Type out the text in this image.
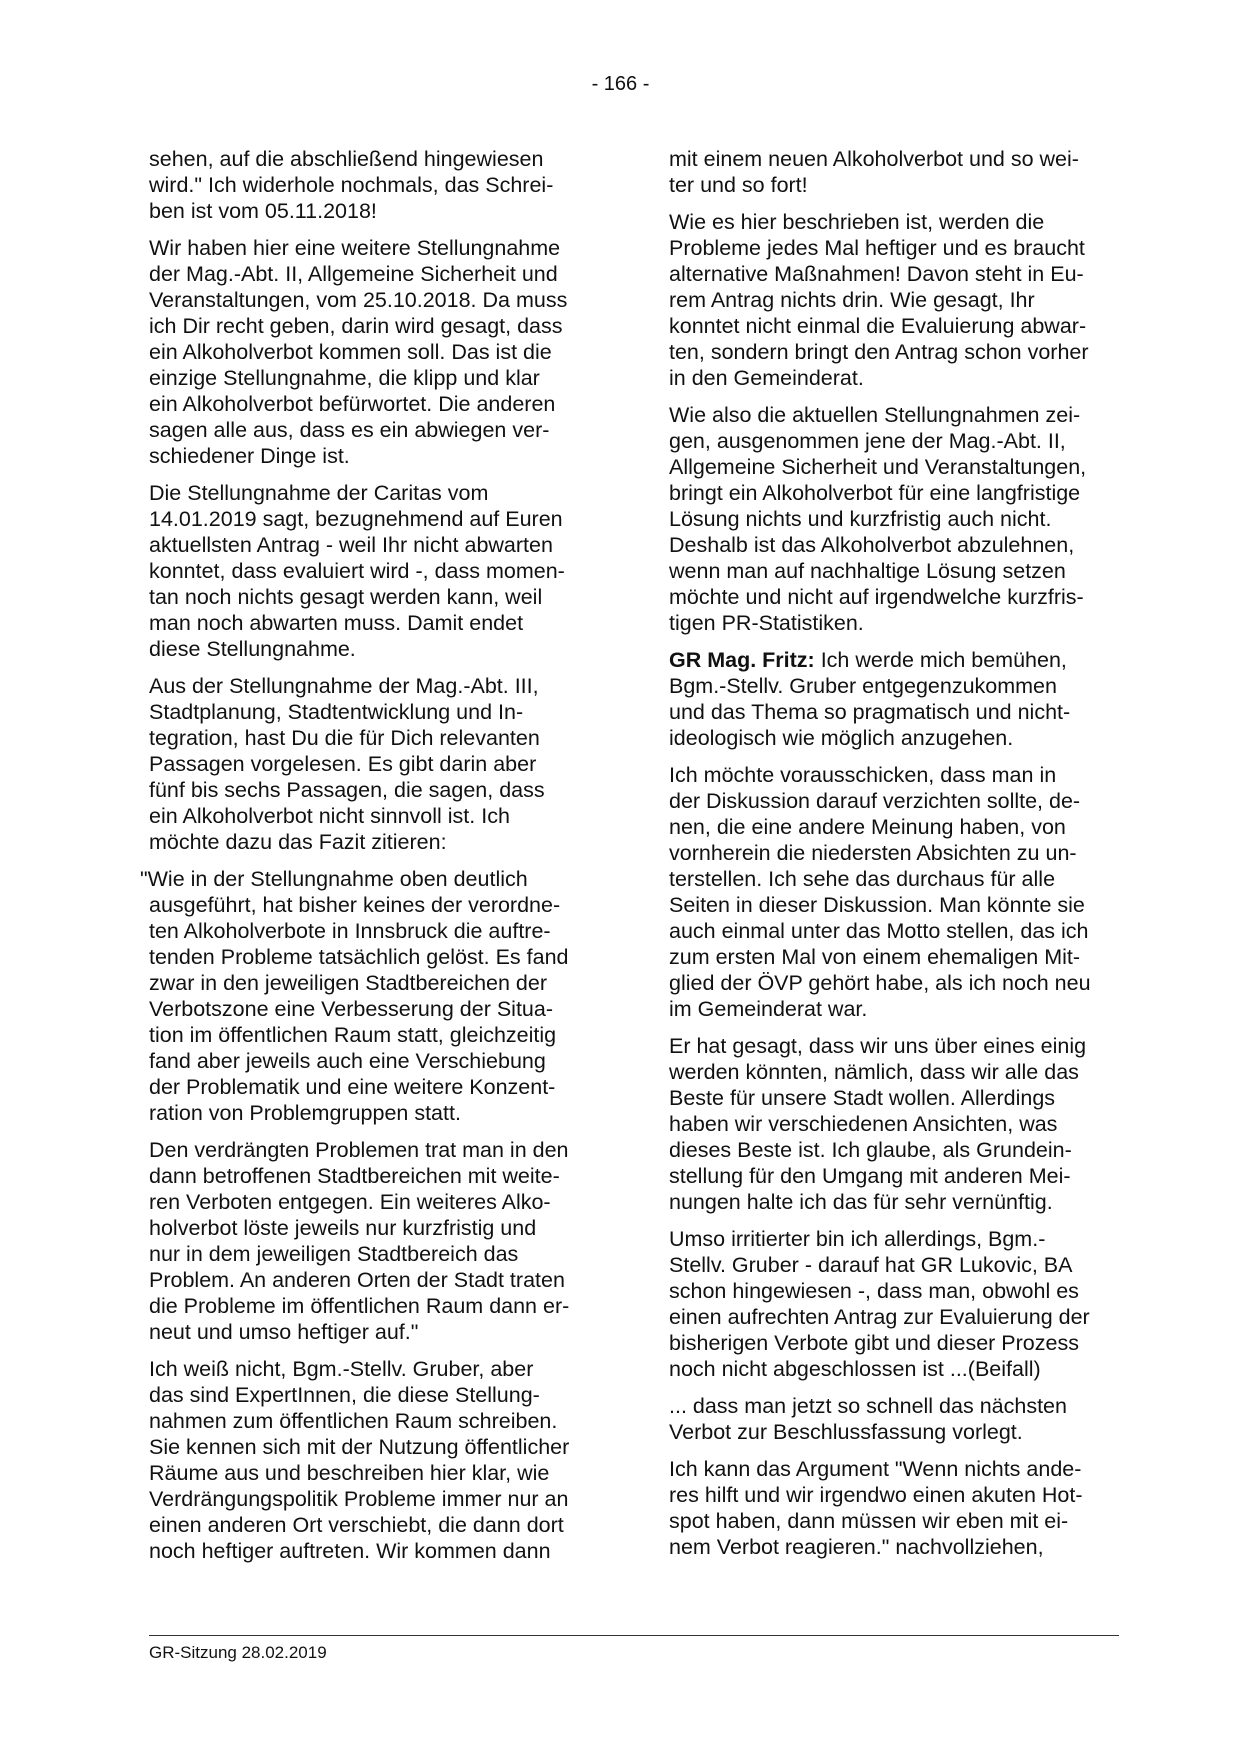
- 166 -

sehen, auf die abschließend hingewiesen
wird." Ich widerhole nochmals, das Schrei-
ben ist vom 05.11.2018!

Wir haben hier eine weitere Stellungnahme
der Mag.-Abt. II, Allgemeine Sicherheit und
Veranstaltungen, vom 25.10.2018. Da muss
ich Dir recht geben, darin wird gesagt, dass
ein Alkoholverbot kommen soll. Das ist die
einzige Stellungnahme, die klipp und klar
ein Alkoholverbot befürwortet. Die anderen
sagen alle aus, dass es ein abwiegen ver-
schiedener Dinge ist.

Die Stellungnahme der Caritas vom
14.01.2019 sagt, bezugnehmend auf Euren
aktuellsten Antrag - weil Ihr nicht abwarten
konntet, dass evaluiert wird -, dass momen-
tan noch nichts gesagt werden kann, weil
man noch abwarten muss. Damit endet
diese Stellungnahme.

Aus der Stellungnahme der Mag.-Abt. III,
Stadtplanung, Stadtentwicklung und In-
tegration, hast Du die für Dich relevanten
Passagen vorgelesen. Es gibt darin aber
fünf bis sechs Passagen, die sagen, dass
ein Alkoholverbot nicht sinnvoll ist. Ich
möchte dazu das Fazit zitieren:

"Wie in der Stellungnahme oben deutlich
ausgeführt, hat bisher keines der verordne-
ten Alkoholverbote in Innsbruck die auftre-
tenden Probleme tatsächlich gelöst. Es fand
zwar in den jeweiligen Stadtbereichen der
Verbotszone eine Verbesserung der Situa-
tion im öffentlichen Raum statt, gleichzeitig
fand aber jeweils auch eine Verschiebung
der Problematik und eine weitere Konzent-
ration von Problemgruppen statt.

Den verdrängten Problemen trat man in den
dann betroffenen Stadtbereichen mit weite-
ren Verboten entgegen. Ein weiteres Alko-
holverbot löste jeweils nur kurzfristig und
nur in dem jeweiligen Stadtbereich das
Problem. An anderen Orten der Stadt traten
die Probleme im öffentlichen Raum dann er-
neut und umso heftiger auf."

Ich weiß nicht, Bgm.-Stellv. Gruber, aber
das sind ExpertInnen, die diese Stellung-
nahmen zum öffentlichen Raum schreiben.
Sie kennen sich mit der Nutzung öffentlicher
Räume aus und beschreiben hier klar, wie
Verdrängungspolitik Probleme immer nur an
einen anderen Ort verschiebt, die dann dort
noch heftiger auftreten. Wir kommen dann

mit einem neuen Alkoholverbot und so wei-
ter und so fort!

Wie es hier beschrieben ist, werden die
Probleme jedes Mal heftiger und es braucht
alternative Maßnahmen! Davon steht in Eu-
rem Antrag nichts drin. Wie gesagt, Ihr
konntet nicht einmal die Evaluierung abwar-
ten, sondern bringt den Antrag schon vorher
in den Gemeinderat.

Wie also die aktuellen Stellungnahmen zei-
gen, ausgenommen jene der Mag.-Abt. II,
Allgemeine Sicherheit und Veranstaltungen,
bringt ein Alkoholverbot für eine langfristige
Lösung nichts und kurzfristig auch nicht.
Deshalb ist das Alkoholverbot abzulehnen,
wenn man auf nachhaltige Lösung setzen
möchte und nicht auf irgendwelche kurzfris-
tigen PR-Statistiken.

GR Mag. Fritz: Ich werde mich bemühen,
Bgm.-Stellv. Gruber entgegenzukommen
und das Thema so pragmatisch und nicht-
ideologisch wie möglich anzugehen.

Ich möchte vorausschicken, dass man in
der Diskussion darauf verzichten sollte, de-
nen, die eine andere Meinung haben, von
vornherein die niedersten Absichten zu un-
terstellen. Ich sehe das durchaus für alle
Seiten in dieser Diskussion. Man könnte sie
auch einmal unter das Motto stellen, das ich
zum ersten Mal von einem ehemaligen Mit-
glied der ÖVP gehört habe, als ich noch neu
im Gemeinderat war.

Er hat gesagt, dass wir uns über eines einig
werden könnten, nämlich, dass wir alle das
Beste für unsere Stadt wollen. Allerdings
haben wir verschiedenen Ansichten, was
dieses Beste ist. Ich glaube, als Grundein-
stellung für den Umgang mit anderen Mei-
nungen halte ich das für sehr vernünftig.

Umso irritierter bin ich allerdings, Bgm.-
Stellv. Gruber - darauf hat GR Lukovic, BA
schon hingewiesen -, dass man, obwohl es
einen aufrechten Antrag zur Evaluierung der
bisherigen Verbote gibt und dieser Prozess
noch nicht abgeschlossen ist ...(Beifall)

... dass man jetzt so schnell das nächsten
Verbot zur Beschlussfassung vorlegt.

Ich kann das Argument "Wenn nichts ande-
res hilft und wir irgendwo einen akuten Hot-
spot haben, dann müssen wir eben mit ei-
nem Verbot reagieren." nachvollziehen,

GR-Sitzung 28.02.2019
